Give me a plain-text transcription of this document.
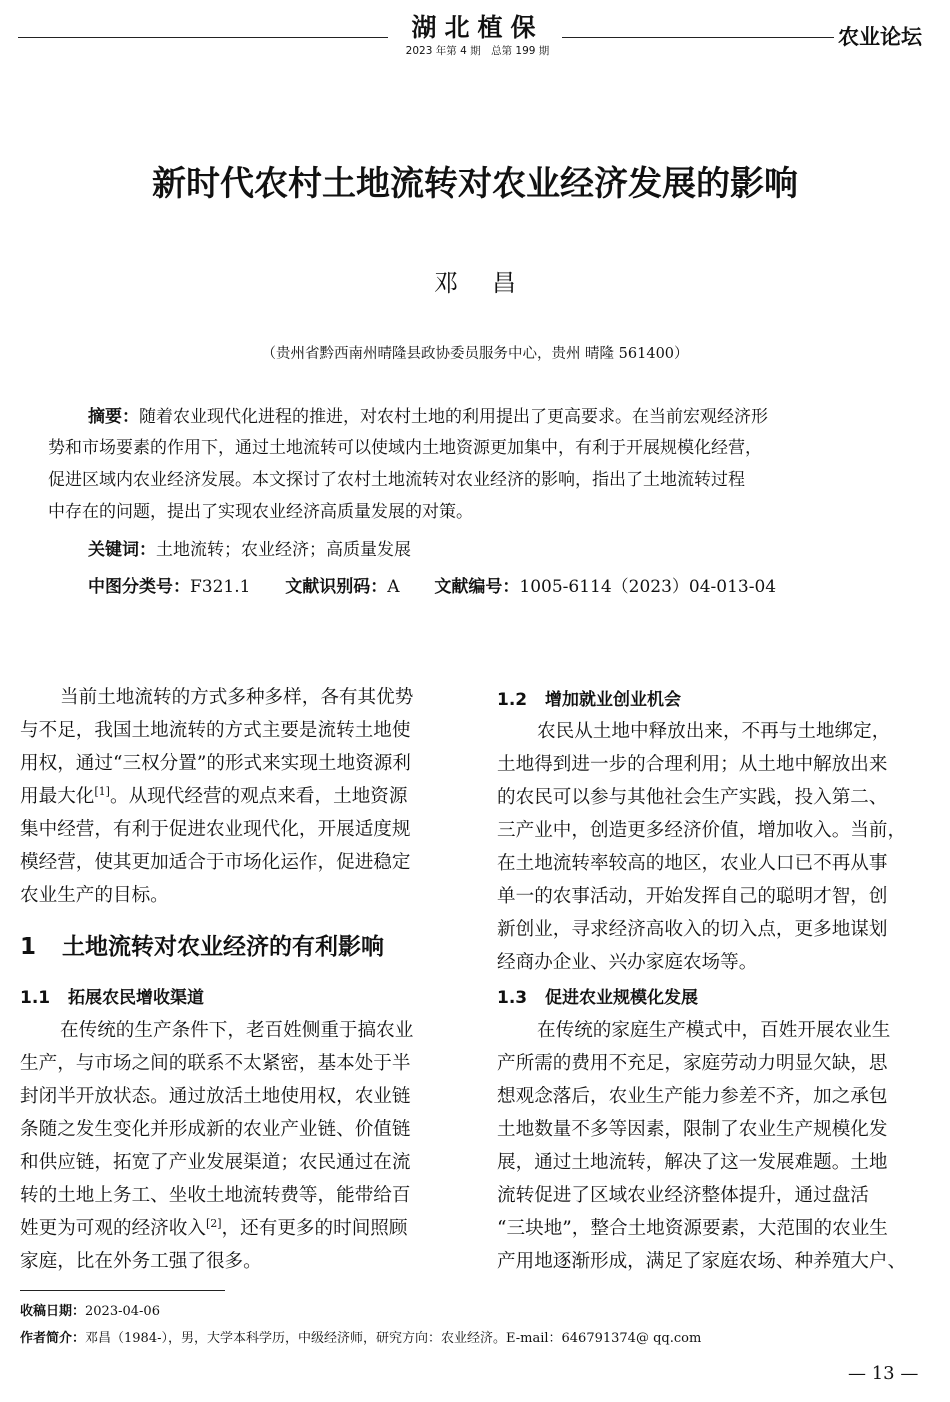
湖北植保
2023 年第 4 期　总第 199 期
农业论坛
新时代农村土地流转对农业经济发展的影响
邓昌
（贵州省黔西南州晴隆县政协委员服务中心，贵州 晴隆 561400）
摘要：随着农业现代化进程的推进，对农村土地的利用提出了更高要求。在当前宏观经济形
势和市场要素的作用下，通过土地流转可以使域内土地资源更加集中，有利于开展规模化经营，
促进区域内农业经济发展。本文探讨了农村土地流转对农业经济的影响，指出了土地流转过程
中存在的问题，提出了实现农业经济高质量发展的对策。
关键词：土地流转；农业经济；高质量发展
中图分类号：F321.1 文献识别码：A 文献编号：1005-6114（2023）04-013-04
当前土地流转的方式多种多样，各有其优势
与不足，我国土地流转的方式主要是流转土地使
用权，通过“三权分置”的形式来实现土地资源利
用最大化[1]。从现代经营的观点来看，土地资源
集中经营，有利于促进农业现代化，开展适度规
模经营，使其更加适合于市场化运作，促进稳定
农业生产的目标。
1 土地流转对农业经济的有利影响
1.1 拓展农民增收渠道
在传统的生产条件下，老百姓侧重于搞农业
生产，与市场之间的联系不太紧密，基本处于半
封闭半开放状态。通过放活土地使用权，农业链
条随之发生变化并形成新的农业产业链、价值链
和供应链，拓宽了产业发展渠道；农民通过在流
转的土地上务工、坐收土地流转费等，能带给百
姓更为可观的经济收入[2]，还有更多的时间照顾
家庭，比在外务工强了很多。
1.2 增加就业创业机会
农民从土地中释放出来，不再与土地绑定，
土地得到进一步的合理利用；从土地中解放出来
的农民可以参与其他社会生产实践，投入第二、
三产业中，创造更多经济价值，增加收入。当前，
在土地流转率较高的地区，农业人口已不再从事
单一的农事活动，开始发挥自己的聪明才智，创
新创业，寻求经济高收入的切入点，更多地谋划
经商办企业、兴办家庭农场等。
1.3 促进农业规模化发展
在传统的家庭生产模式中，百姓开展农业生
产所需的费用不充足，家庭劳动力明显欠缺，思
想观念落后，农业生产能力参差不齐，加之承包
土地数量不多等因素，限制了农业生产规模化发
展，通过土地流转，解决了这一发展难题。土地
流转促进了区域农业经济整体提升，通过盘活
“三块地”，整合土地资源要素，大范围的农业生
产用地逐渐形成，满足了家庭农场、种养殖大户、
收稿日期：2023-04-06
作者简介：邓昌（1984-），男，大学本科学历，中级经济师，研究方向：农业经济。E-mail：646791374@ qq.com
— 13 —
